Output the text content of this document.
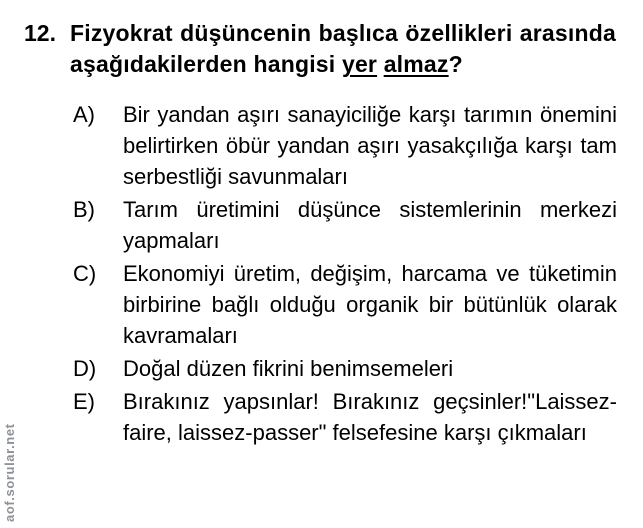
12. Fizyokrat düşüncenin başlıca özellikleri arasında aşağıdakilerden hangisi yer almaz?
A)	Bir yandan aşırı sanayiciliğe karşı tarımın önemini belirtirken öbür yandan aşırı yasakçılığa karşı tam serbestliği savunmaları
B)	Tarım üretimini düşünce sistemlerinin merkezi yapmaları
C)	Ekonomiyi üretim, değişim, harcama ve tüketimin birbirine bağlı olduğu organik bir bütünlük olarak kavramaları
D)	Doğal düzen fikrini benimsemeleri
E)	Bırakınız yapsınlar! Bırakınız geçsinler!"Laissez-faire, laissez-passer" felsefesine karşı çıkmaları
aof.sorular.net
aof.sorular.net
